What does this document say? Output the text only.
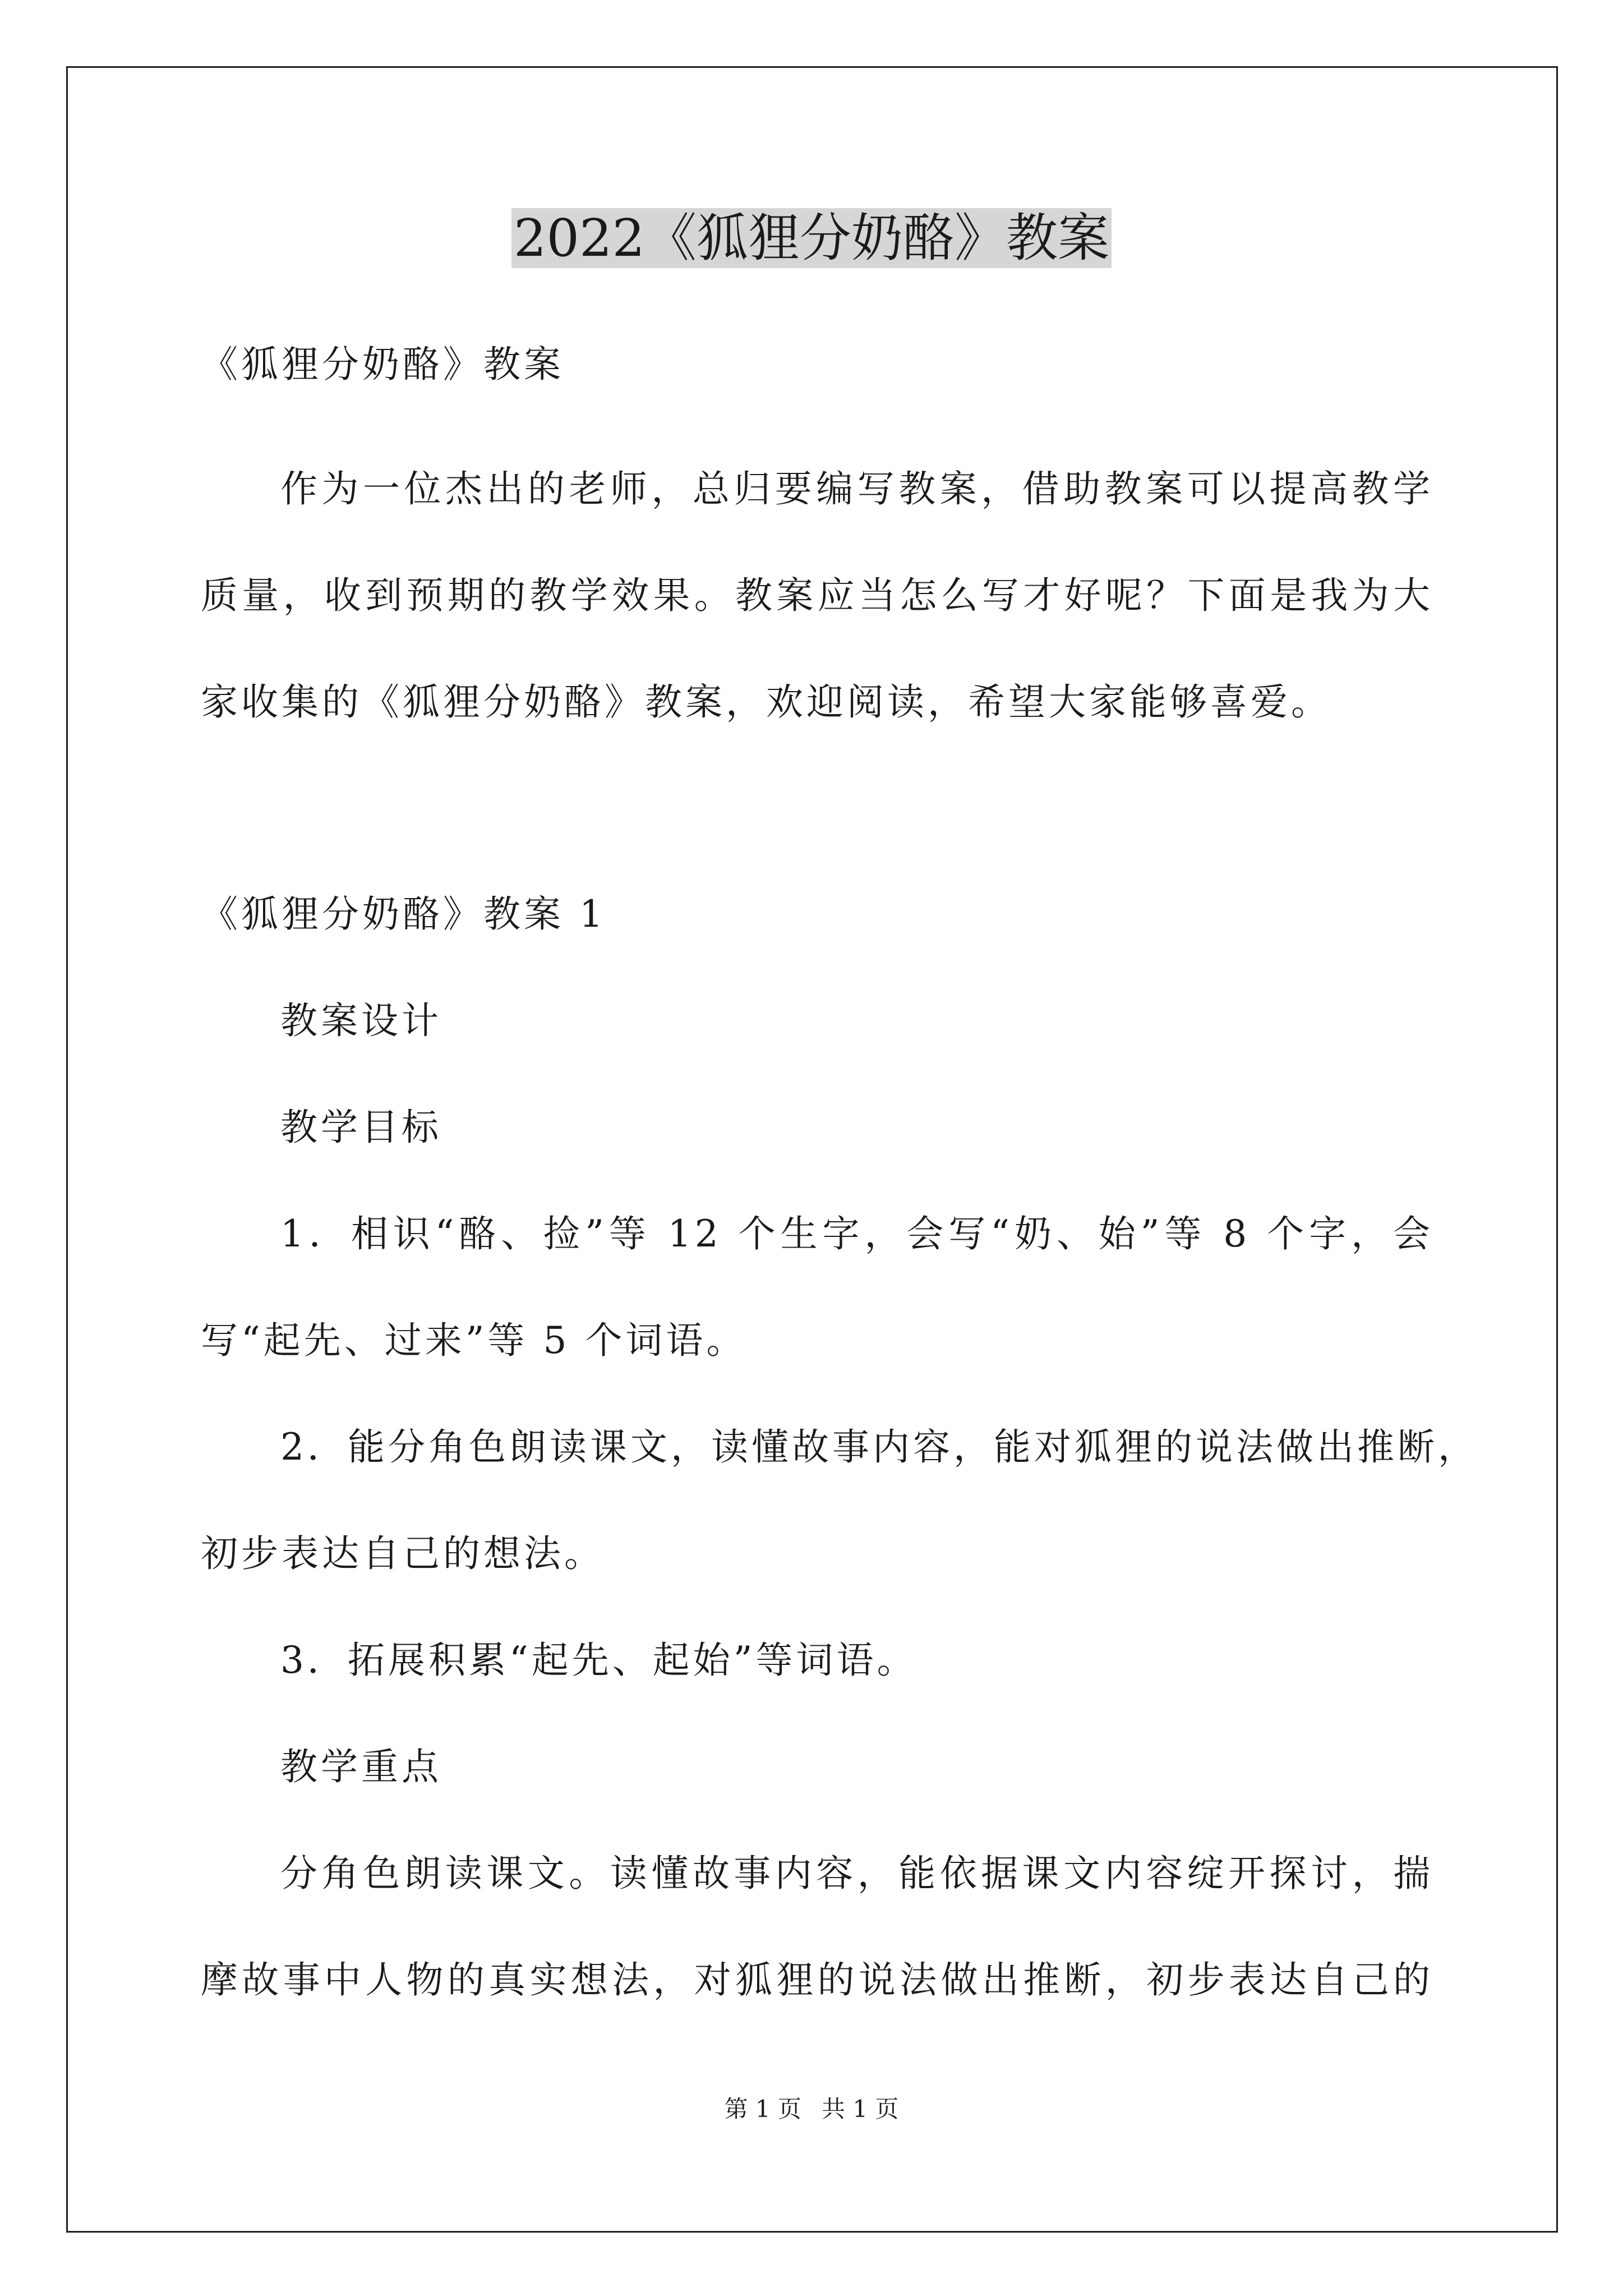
2022《狐狸分奶酪》教案
《狐狸分奶酪》教案
作为一位杰出的老师，总归要编写教案，借助教案可以提高教学
质量，收到预期的教学效果。教案应当怎么写才好呢？下面是我为大
家收集的《狐狸分奶酪》教案，欢迎阅读，希望大家能够喜爱。
《狐狸分奶酪》教案 1
教案设计
教学目标
1．相识“酪、捡”等 12 个生字，会写“奶、始”等 8 个字，会
写“起先、过来”等 5 个词语。
2．能分角色朗读课文，读懂故事内容，能对狐狸的说法做出推断，
初步表达自己的想法。
3．拓展积累“起先、起始”等词语。
教学重点
分角色朗读课文。读懂故事内容，能依据课文内容绽开探讨，揣
摩故事中人物的真实想法，对狐狸的说法做出推断，初步表达自己的
第 1 页 共 1 页
